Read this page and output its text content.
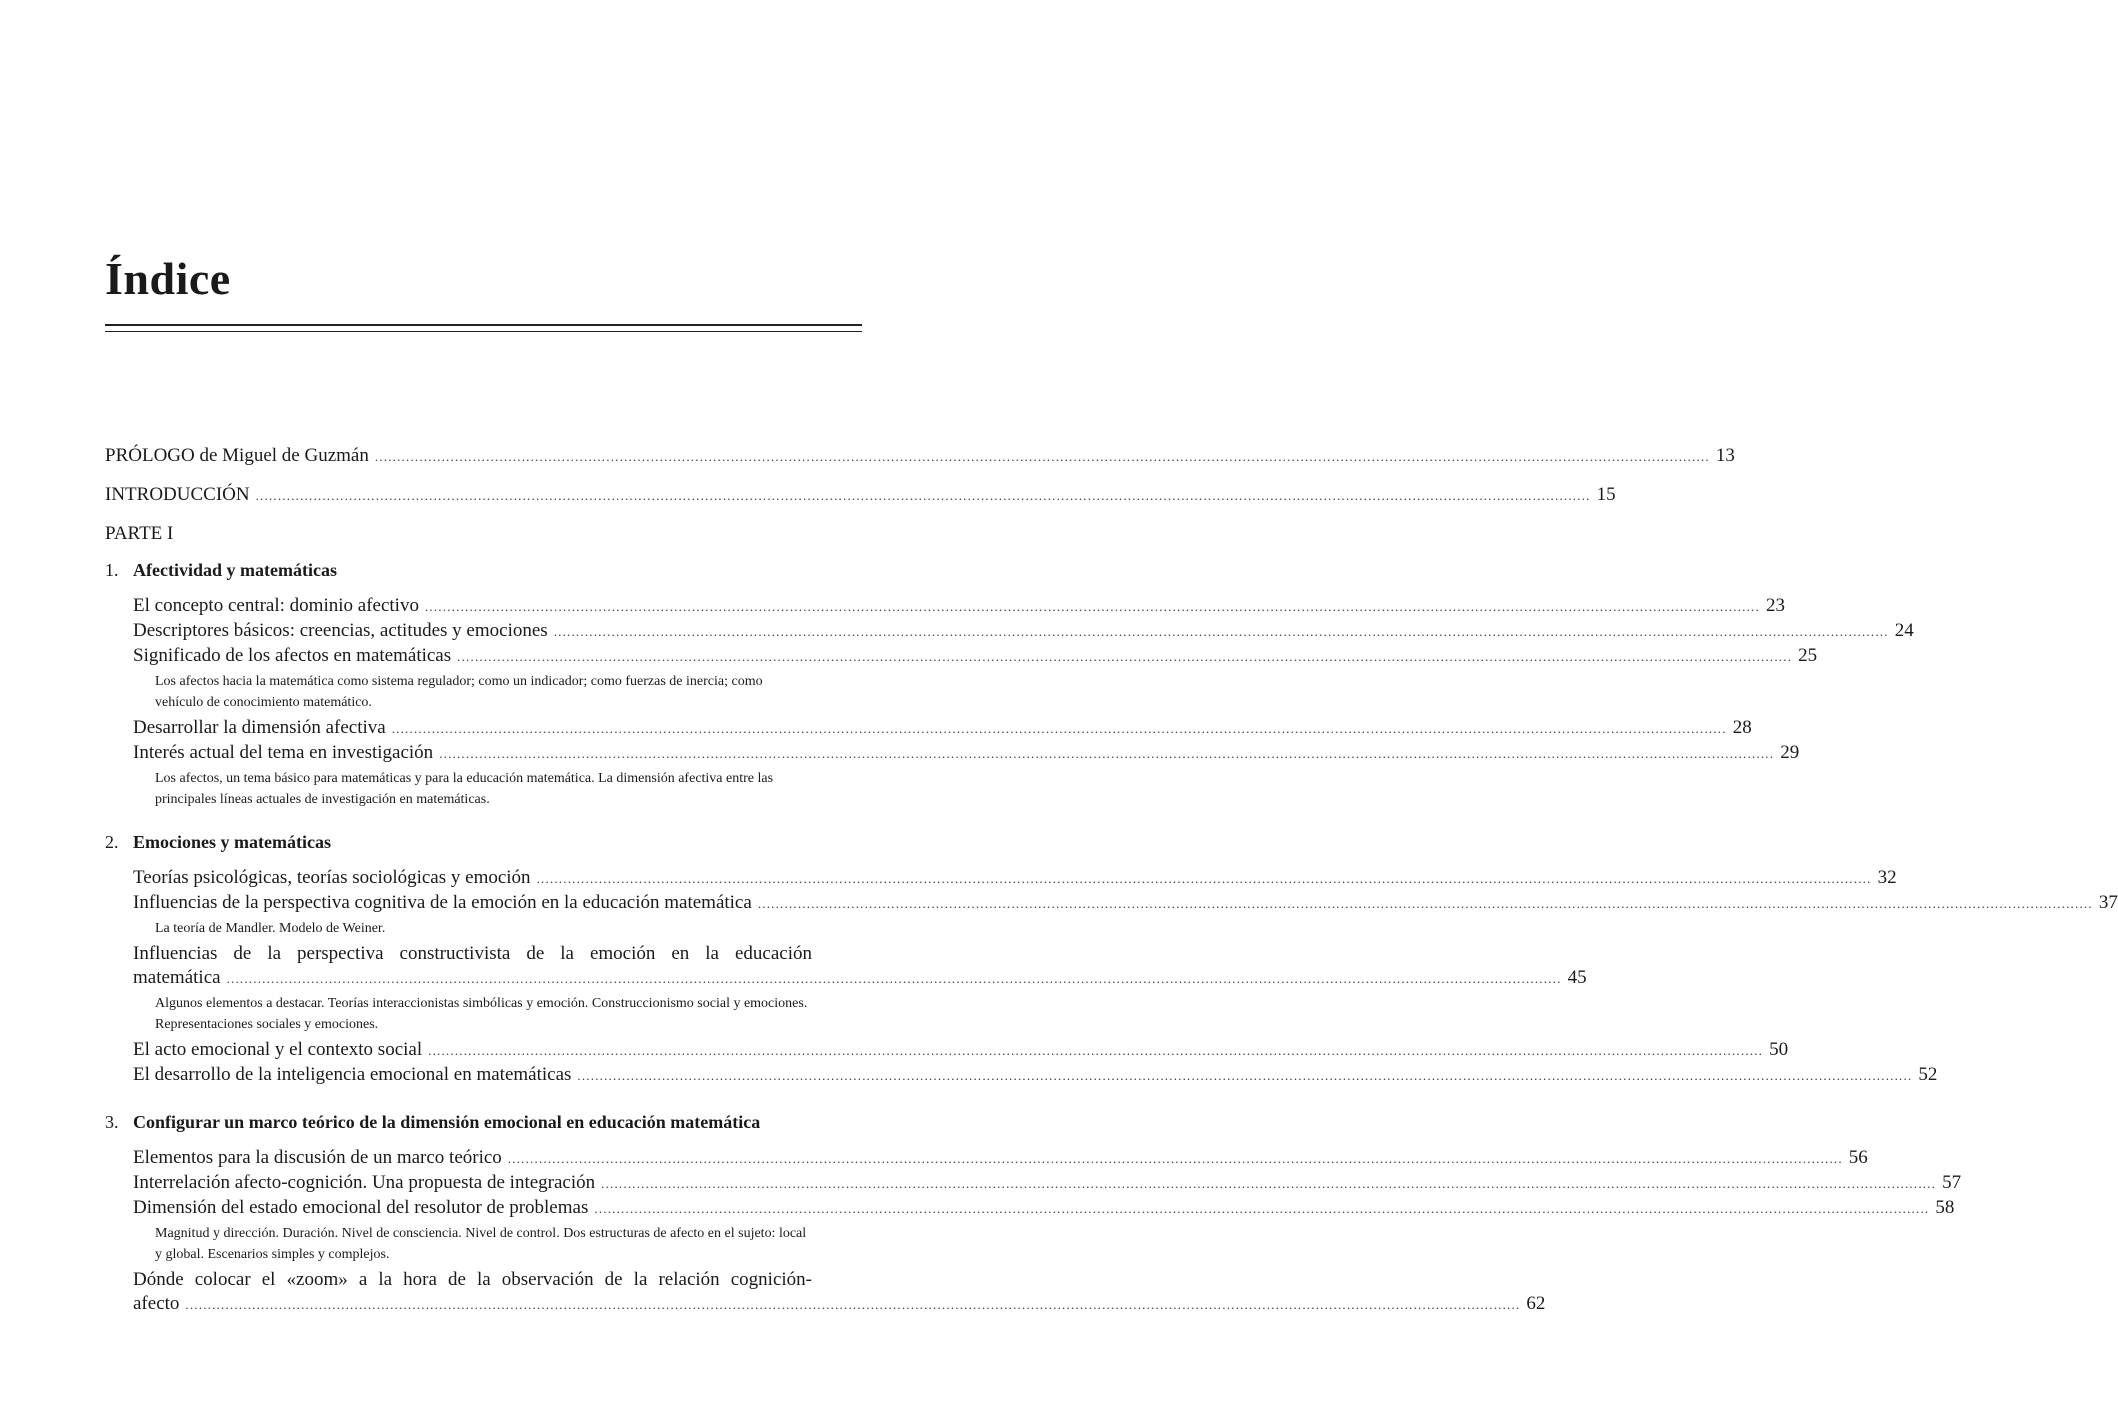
Índice
PRÓLOGO de Miguel de Guzmán ............................................................................................................................................................................................................................................................................................................ 13
INTRODUCCIÓN ............................................................................................................................................................................................................................................................................................................ 15
PARTE I
1. Afectividad y matemáticas
El concepto central: dominio afectivo ............................................................................................................................................................................................................................................................................................................ 23
Descriptores básicos: creencias, actitudes y emociones ............................................................................................................................................................................................................................................................................................................ 24
Significado de los afectos en matemáticas ............................................................................................................................................................................................................................................................................................................ 25
Los afectos hacia la matemática como sistema regulador; como un indicador; como fuerzas de inercia; como vehículo de conocimiento matemático.
Desarrollar la dimensión afectiva ............................................................................................................................................................................................................................................................................................................ 28
Interés actual del tema en investigación ............................................................................................................................................................................................................................................................................................................ 29
Los afectos, un tema básico para matemáticas y para la educación matemática. La dimensión afectiva entre las principales líneas actuales de investigación en matemáticas.
2. Emociones y matemáticas
Teorías psicológicas, teorías sociológicas y emoción ............................................................................................................................................................................................................................................................................................................ 32
Influencias de la perspectiva cognitiva de la emoción en la educación matemática ............................................................................................................................................................................................................................................................................................................ 37
La teoría de Mandler. Modelo de Weiner.
Influencias de la perspectiva constructivista de la emoción en la educación
matemática ............................................................................................................................................................................................................................................................................................................ 45
Algunos elementos a destacar. Teorías interaccionistas simbólicas y emoción. Construccionismo social y emociones. Representaciones sociales y emociones.
El acto emocional y el contexto social ............................................................................................................................................................................................................................................................................................................ 50
El desarrollo de la inteligencia emocional en matemáticas ............................................................................................................................................................................................................................................................................................................ 52
3. Configurar un marco teórico de la dimensión emocional en educación matemática
Elementos para la discusión de un marco teórico ............................................................................................................................................................................................................................................................................................................ 56
Interrelación afecto-cognición. Una propuesta de integración ............................................................................................................................................................................................................................................................................................................ 57
Dimensión del estado emocional del resolutor de problemas ............................................................................................................................................................................................................................................................................................................ 58
Magnitud y dirección. Duración. Nivel de consciencia. Nivel de control. Dos estructuras de afecto en el sujeto: local y global. Escenarios simples y complejos.
Dónde colocar el «zoom» a la hora de la observación de la relación cognición-
afecto ............................................................................................................................................................................................................................................................................................................ 62
